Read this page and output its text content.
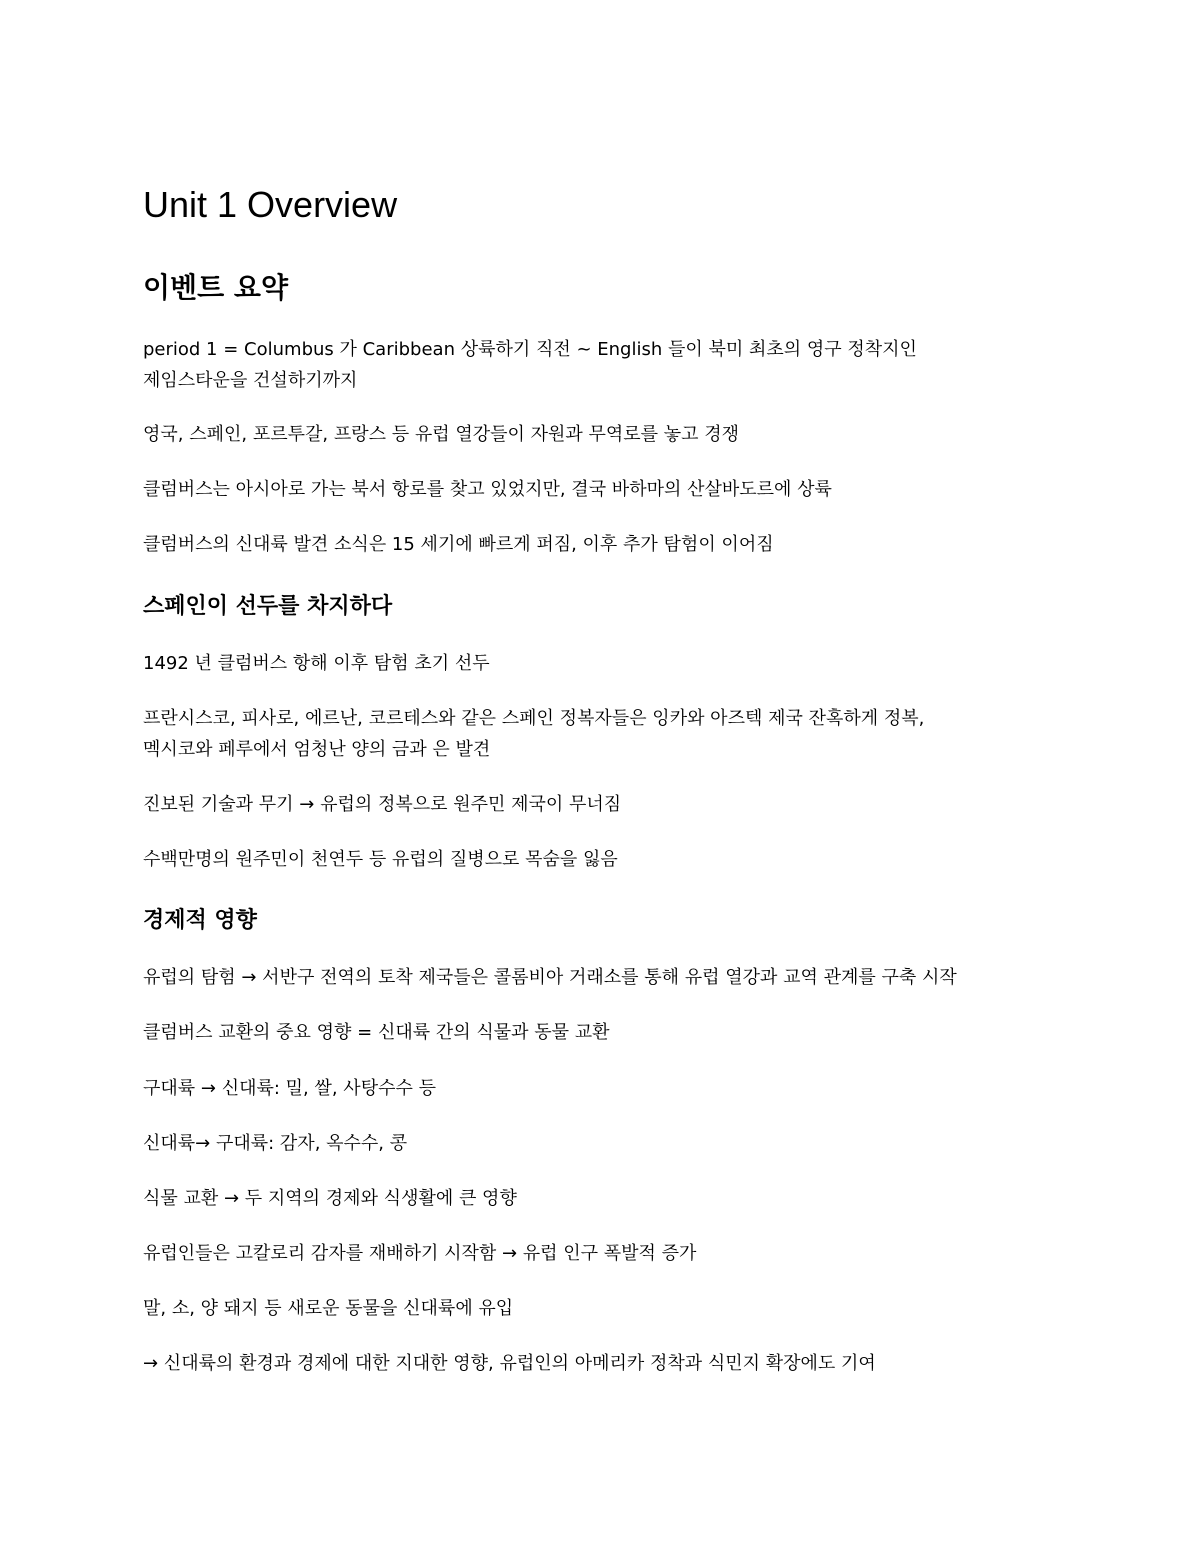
Unit 1 Overview
이벤트 요약

period 1 = Columbus 가 Caribbean 상륙하기 직전 ~ English 들이 북미 최초의 영구 정착지인
제임스타운을 건설하기까지

영국, 스페인, 포르투갈, 프랑스 등 유럽 열강들이 자원과 무역로를 놓고 경쟁

클럼버스는 아시아로 가는 북서 항로를 찾고 있었지만, 결국 바하마의 산살바도르에 상륙

클럼버스의 신대륙 발견 소식은 15 세기에 빠르게 퍼짐, 이후 추가 탐험이 이어짐

스페인이 선두를 차지하다

1492 년 클럼버스 항해 이후 탐험 초기 선두

프란시스코, 피사로, 에르난, 코르테스와 같은 스페인 정복자들은 잉카와 아즈텍 제국 잔혹하게 정복,
멕시코와 페루에서 엄청난 양의 금과 은 발견

진보된 기술과 무기 → 유럽의 정복으로 원주민 제국이 무너짐

수백만명의 원주민이 천연두 등 유럽의 질병으로 목숨을 잃음

경제적 영향

유럽의 탐험 → 서반구 전역의 토착 제국들은 콜롬비아 거래소를 통해 유럽 열강과 교역 관계를 구축 시작

클럼버스 교환의 중요 영향 = 신대륙 간의 식물과 동물 교환

구대륙 → 신대륙: 밀, 쌀, 사탕수수 등

신대륙→ 구대륙: 감자, 옥수수, 콩

식물 교환 → 두 지역의 경제와 식생활에 큰 영향

유럽인들은 고칼로리 감자를 재배하기 시작함 → 유럽 인구 폭발적 증가

말, 소, 양 돼지 등 새로운 동물을 신대륙에 유입

→ 신대륙의 환경과 경제에 대한 지대한 영향, 유럽인의 아메리카 정착과 식민지 확장에도 기여
